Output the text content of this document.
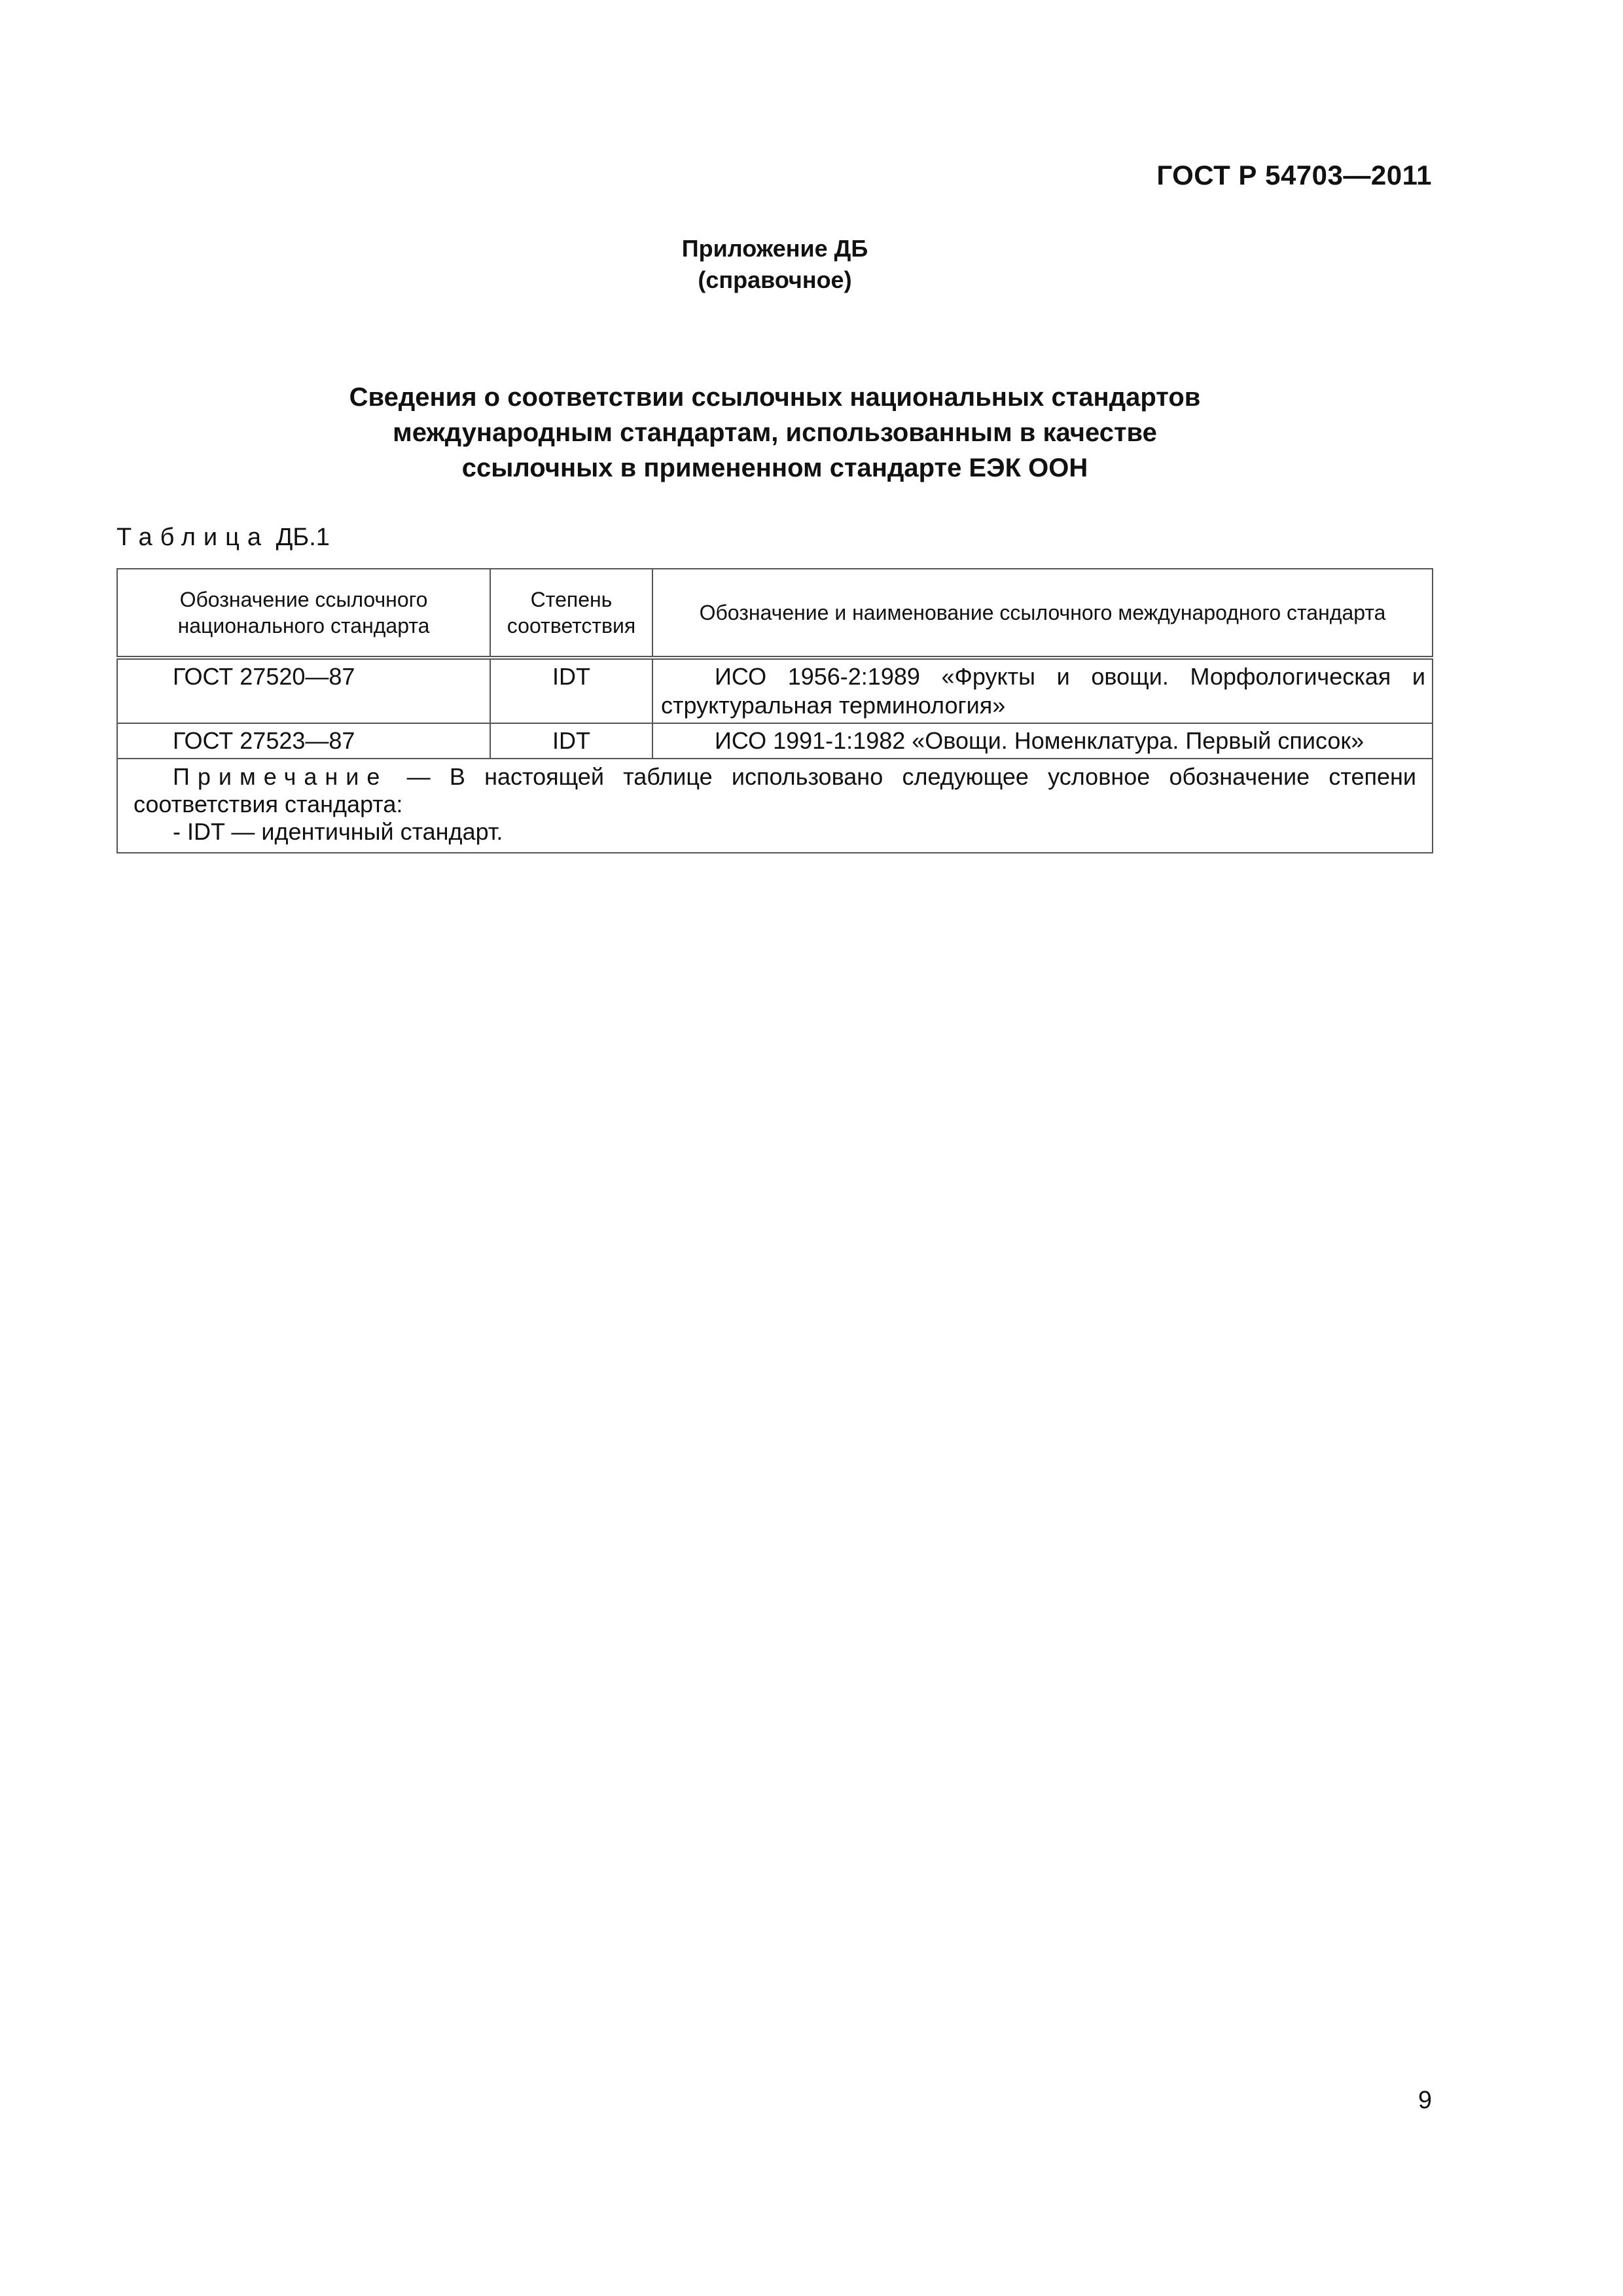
ГОСТ Р 54703—2011
Приложение ДБ
(справочное)
Сведения о соответствии ссылочных национальных стандартов
международным стандартам, использованным в качестве
ссылочных в примененном стандарте ЕЭК ООН
Таблица ДБ.1
Обозначение ссылочного национального стандарта	Степень соответствия	Обозначение и наименование ссылочного международного стандарта
ГОСТ 27520—87	IDT	ИСО 1956-2:1989 «Фрукты и овощи. Морфологическая и структуральная терминология»
ГОСТ 27523—87	IDT	ИСО 1991-1:1982 «Овощи. Номенклатура. Первый список»

Примечание — В настоящей таблице использовано следующее условное обозначение степени соответствия стандарта:
- IDT — идентичный стандарт.		
9
